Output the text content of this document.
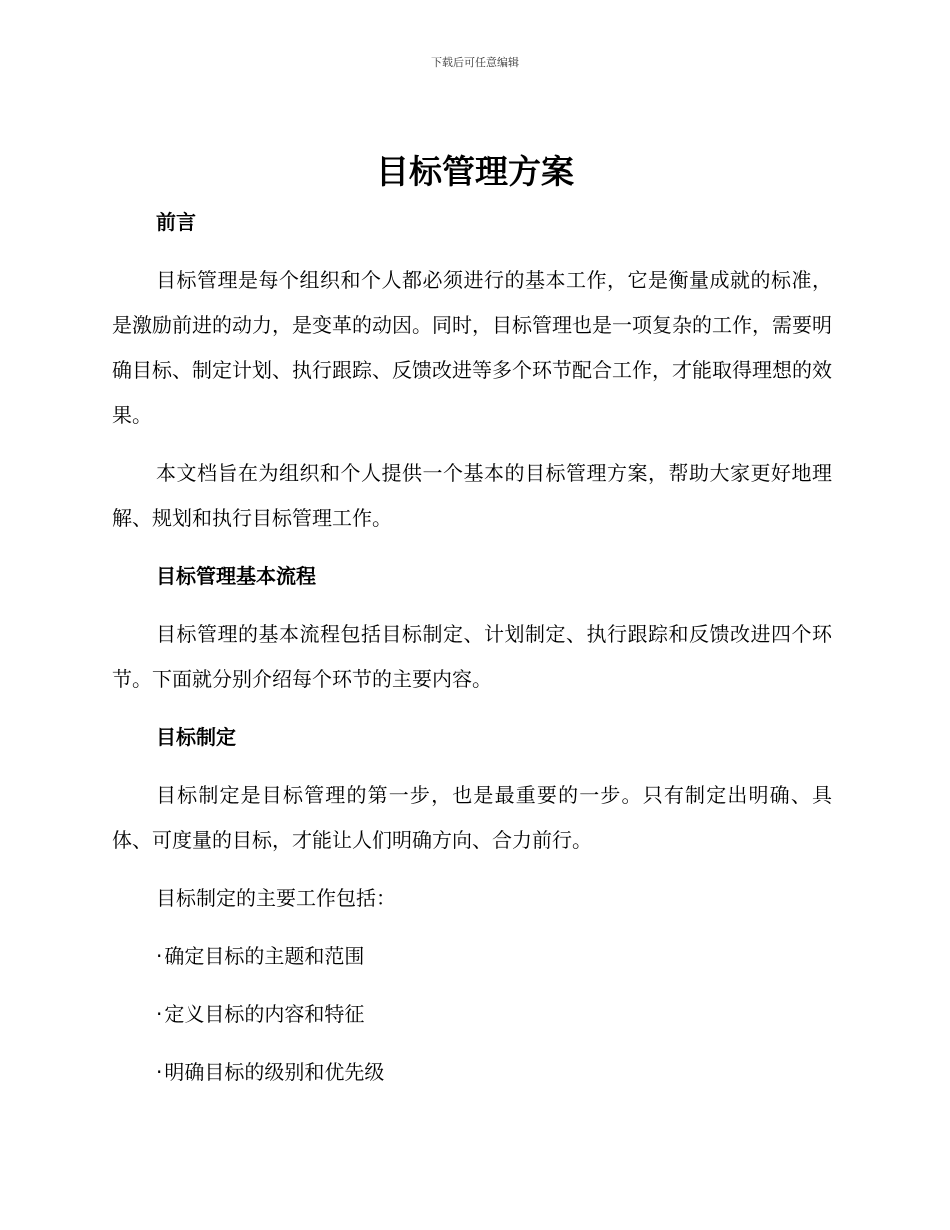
下载后可任意编辑
目标管理方案
前言

目标管理是每个组织和个人都必须进行的基本工作，它是衡量成就的标准，是激励前进的动力，是变革的动因。同时，目标管理也是一项复杂的工作，需要明确目标、制定计划、执行跟踪、反馈改进等多个环节配合工作，才能取得理想的效果。

本文档旨在为组织和个人提供一个基本的目标管理方案，帮助大家更好地理解、规划和执行目标管理工作。

目标管理基本流程

目标管理的基本流程包括目标制定、计划制定、执行跟踪和反馈改进四个环节。下面就分别介绍每个环节的主要内容。

目标制定

目标制定是目标管理的第一步，也是最重要的一步。只有制定出明确、具体、可度量的目标，才能让人们明确方向、合力前行。

目标制定的主要工作包括：

· 确定目标的主题和范围
· 定义目标的内容和特征
· 明确目标的级别和优先级
